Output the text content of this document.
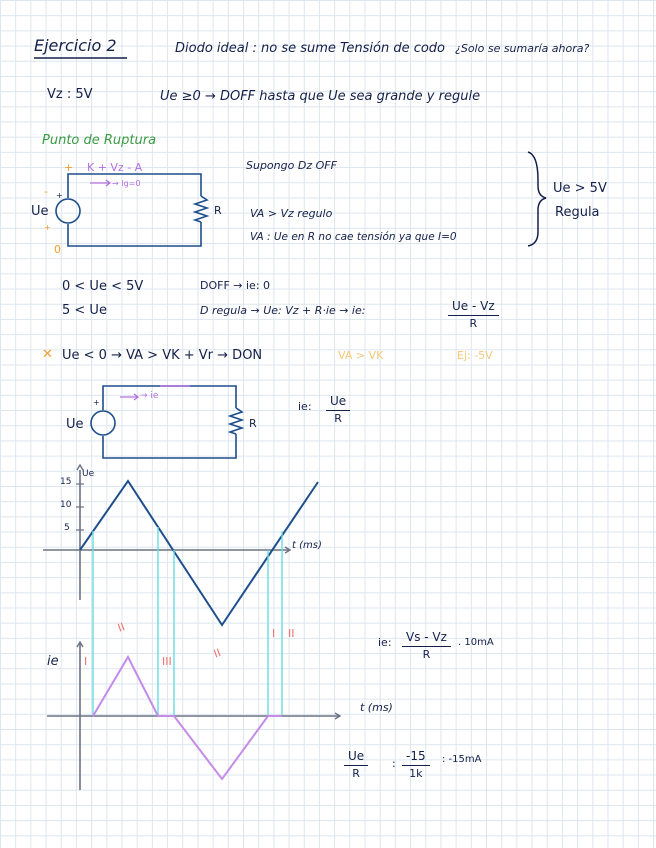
Ejercicio 2	Diodo ideal : no se sume Tensión de codo ¿Solo se sumaría ahora?
Vz : 5V	Ue ≥0 → DOFF hasta que Ue sea grande y regule
Punto de Ruptura
+ K + Vz - A
→ Ig=0
- +
Ue
+
0
R
Supongo Dz OFF
VA > Vz regulo
VA : Ue en R no cae tensión ya que I=0
Ue > 5V
Regula
0 < Ue < 5V	DOFF → ie: 0
5 < Ue	D regula → Ue: Vz + R·ie → ie:	$\frac{Ue - Vz}{R}$
✕ Ue < 0 → VA > VK + Vr → DON	VA > VK	Ej: -5V
+
→ ie
Ue	R
ie: $\frac{Ue}{R}$
Ue
15
10
5
t (ms)
ie
t (ms)
I
II
III
II
I II
ie: $\frac{Vs - Vz}{R}$ . 10mA
$\frac{Ue}{R}$ : $\frac{-15}{1k}$ : -15mA
